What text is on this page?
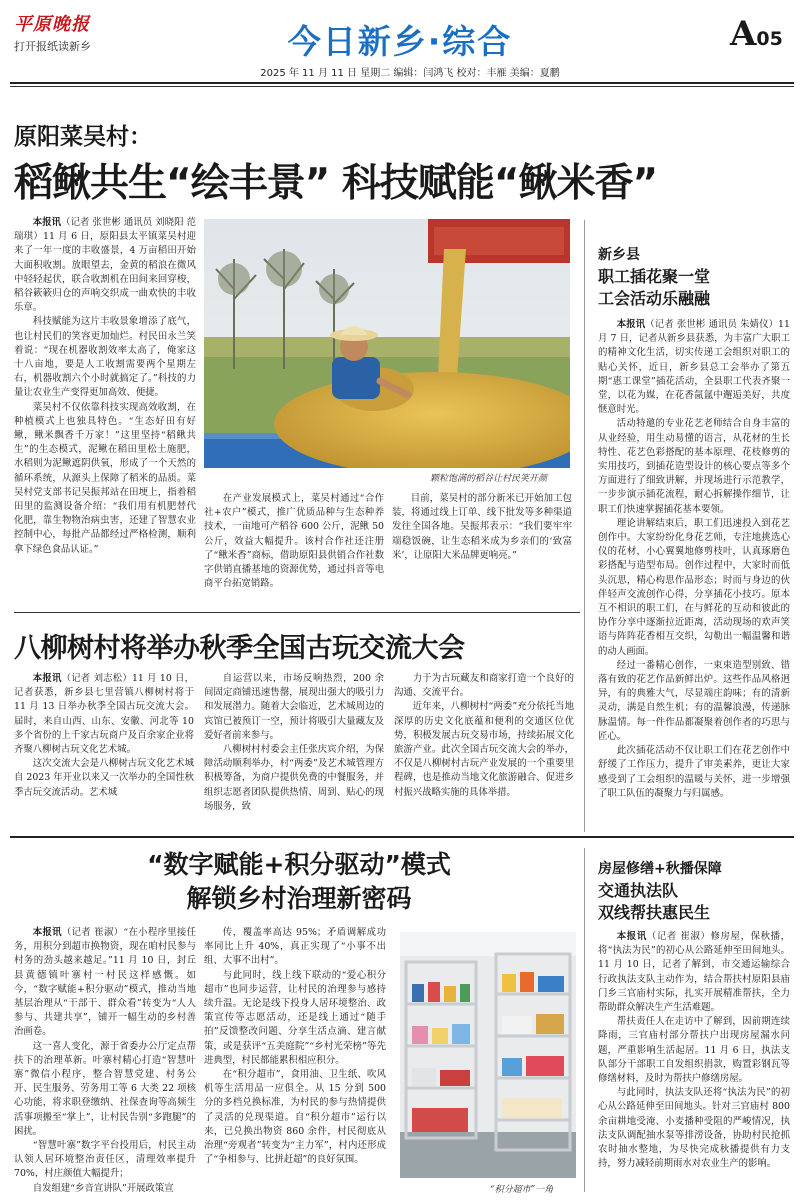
平原晚报
打开报纸读新乡	今日新乡·综合	A05
2025 年 11 月 11 日 星期二 编辑：闫鸿飞 校对：丰雁 美编：夏鹏
原阳菜吴村：
稻鳅共生“绘丰景” 科技赋能“鳅米香”

本报讯（记者 张世彬 通讯员 刘晓阳 范瑞琪）11 月 6 日，原阳县太平镇菜吴村迎来了一年一度的丰收盛景，4 万亩稻田开始大面积收割。放眼望去，金黄的稻浪在微风中轻轻起伏，联合收割机在田间来回穿梭，稻谷簌簌归仓的声响交织成一曲欢快的丰收乐章。

科技赋能为这片丰收景象增添了底气，也让村民们的笑容更加灿烂。村民田永兰笑着说：“现在机器收割效率太高了，俺家这十八亩地，要是人工收割需要两个星期左右，机器收割六个小时就搞定了。”科技的力量让农业生产变得更加高效、便捷。

菜吴村不仅依靠科技实现高效收割，在种植模式上也独具特色。“生态好田有好鳅，鳅米飘香千万家！”这里坚持“稻鳅共生”的生态模式，泥鳅在稻田里松土施肥，水稻则为泥鳅遮阴供氧，形成了一个天然的循环系统，从源头上保障了稻米的品质。菜吴村党支部书记吴振邦站在田埂上，指着稻田里的监测设备介绍：“我们用有机肥替代化肥，靠生物物治病虫害，还建了智慧农业控制中心，每批产品都经过严格检测，顺利拿下绿色食品认证。”

颗粒饱满的稻谷让村民笑开颜

在产业发展模式上，菜吴村通过“合作社+农户”模式，推广优质品种与生态种养技术，一亩地可产稻谷 600 公斤，泥鳅 50 公斤，效益大幅提升。该村合作社还注册了“鳅米香”商标，借助原阳县供销合作社数字供销直播基地的资源优势，通过抖音等电商平台拓宽销路。

目前，菜吴村的部分新米已开始加工包装，将通过线上订单、线下批发等多种渠道发往全国各地。吴振邦表示：“我们要牢牢端稳饭碗，让生态稻米成为乡亲们的‘致富米’，让原阳大米品牌更响亮。”

新乡县
职工插花聚一堂
工会活动乐融融

本报讯（记者 张世彬 通讯员 朱婧仪）11 月 7 日，记者从新乡县获悉，为丰富广大职工的精神文化生活，切实传递工会组织对职工的贴心关怀，近日，新乡县总工会举办了第五期“惠工课堂”插花活动，全县职工代表齐聚一堂，以花为媒，在花香氤氲中邂逅美好，共度惬意时光。

活动特邀的专业花艺老师结合自身丰富的从业经验，用生动易懂的语言，从花材的生长特性、花艺色彩搭配的基本原理、花枝修剪的实用技巧，到插花造型设计的核心要点等多个方面进行了细致讲解，并现场进行示范教学，一步步演示插花流程，耐心拆解操作细节，让职工们快速掌握插花基本要领。

理论讲解结束后，职工们迅速投入到花艺创作中。大家纷纷化身花艺师，专注地挑选心仪的花材，小心翼翼地修剪枝叶，认真琢磨色彩搭配与造型布局。创作过程中，大家时而低头沉思，精心构思作品形态；时而与身边的伙伴轻声交流创作心得，分享插花小技巧。原本互不相识的职工们，在与鲜花的互动和彼此的协作分享中逐渐拉近距离，活动现场的欢声笑语与阵阵花香相互交织，勾勒出一幅温馨和谐的动人画面。

经过一番精心创作，一束束造型别致、错落有致的花艺作品新鲜出炉。这些作品风格迥异，有的典雅大气，尽显端庄韵味；有的清新灵动，满是自然生机；有的温馨浪漫，传递脉脉温情。每一件作品都凝聚着创作者的巧思与匠心。

此次插花活动不仅让职工们在花艺创作中舒缓了工作压力，提升了审美素养，更让大家感受到了工会组织的温暖与关怀，进一步增强了职工队伍的凝聚力与归属感。

八柳树村将举办秋季全国古玩交流大会

本报讯（记者 刘志松）11 月 10 日，记者获悉，新乡县七里营镇八柳树村将于 11 月 13 日举办秋季全国古玩交流大会。届时，来自山西、山东、安徽、河北等 10 多个省份的上千家古玩商户及百余家企业将齐聚八柳树古玩文化艺术城。

这次交流大会是八柳树古玩文化艺术城自 2023 年开业以来又一次举办的全国性秋季古玩交流活动。艺术城

自运营以来，市场反响热烈，200 余间固定商铺迅速售罄，展现出强大的吸引力和发展潜力。随着大会临近，艺术城周边的宾馆已被预订一空，预计将吸引大量藏友及爱好者前来参与。

八柳树村村委会主任张庆宾介绍，为保障活动顺利举办，村“两委”及艺术城管理方积极筹备，为商户提供免费的中餐服务，并组织志愿者团队提供热情、周到、贴心的现场服务，致

力于为古玩藏友和商家打造一个良好的沟通、交流平台。

近年来，八柳树村“两委”充分依托当地深厚的历史文化底蕴和便利的交通区位优势，积极发展古玩交易市场，持续拓展文化旅游产业。此次全国古玩交流大会的举办，不仅是八柳树村古玩产业发展的一个重要里程碑，也是推动当地文化旅游融合、促进乡村振兴战略实施的具体举措。

“数字赋能+积分驱动”模式
解锁乡村治理新密码

本报讯（记者 崔淑）“在小程序里接任务，用积分到超市换物资，现在咱村民参与村务的劲头越来越足。”11 月 10 日，封丘县黄德镇叶寨村一村民这样感慨。如今，“数字赋能+积分驱动”模式，推动当地基层治理从“干部干、群众看”转变为“人人参与、共建共享”，铺开一幅生动的乡村善治画卷。

这一喜人变化，源于省委办公厅定点帮扶下的治理革新。叶寨村精心打造“智慧叶寨”微信小程序，整合智慧党建、村务公开、民生服务、劳务用工等 6 大类 22 项核心功能，将求职登缴纳、社保查询等高频生活事项搬至“掌上”，让村民告别“多跑腿”的困扰。

“智慧叶寨”数字平台投用后，村民主动认领人居环境整治责任区，清理效率提升 70%，村庄颜值大幅提升；

自发组建“乡音宣讲队”开展政策宣

传，覆盖率高达 95%；矛盾调解成功率同比上升 40%，真正实现了“小事不出组、大事不出村”。

与此同时，线上线下联动的“爱心积分超市”也同步运营，让村民的治理参与感持续升温。无论是线下投身人居环境整治、政策宣传等志愿活动，还是线上通过“随手拍”反馈整改问题、分享生活点滴、建言献策，或是获评“五美庭院”“乡村光荣榜”等先进典型，村民都能累积相应积分。

在“积分超市”，食用油、卫生纸、吹风机等生活用品一应俱全。从 15 分到 500 分的多档兑换标准，为村民的参与热情提供了灵活的兑现渠道。自“积分超市”运行以来，已兑换出物资 860 余件，村民彻底从治理“旁观者”转变为“主力军”，村内还形成了“争相参与、比拼赶超”的良好氛围。

“积分超市”一角
房屋修缮+秋播保障
交通执法队
双线帮扶惠民生

本报讯（记者 崔淑）修房屋，保秋播，将“执法为民”的初心从公路延伸至田间地头。11 月 10 日，记者了解到，市交通运输综合行政执法支队主动作为，结合帮扶村原阳县庙门乡三官庙村实际，扎实开展精准帮扶，全力帮助群众解决生产生活难题。

帮扶责任人在走访中了解到，因前期连续降雨，三官庙村部分帮扶户出现房屋漏水问题，严重影响生活起居。11 月 6 日，执法支队部分干部职工自发组织捐款，购置彩钢瓦等修缮材料，及时为帮扶户修缮房屋。

与此同时，执法支队还将“执法为民”的初心从公路延伸至田间地头。针对三官庙村 800 余亩耕地受淹、小麦播种受阻的严峻情况，执法支队调配抽水泵等排涝设备，协助村民抢抓农时抽水整地，为尽快完成秋播提供有力支持，努力减轻前期雨水对农业生产的影响。
